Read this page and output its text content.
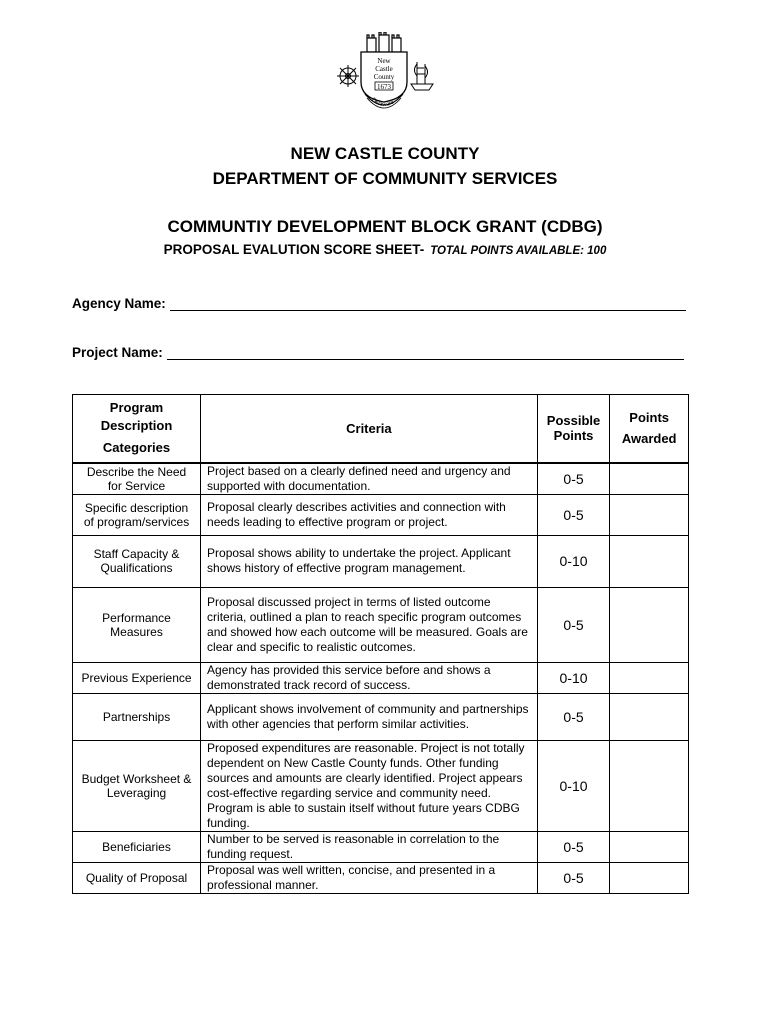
New
Castle
County
1673
Delaware
NEW CASTLE COUNTY
DEPARTMENT OF COMMUNITY SERVICES
COMMUNTIY DEVELOPMENT BLOCK GRANT (CDBG)
PROPOSAL EVALUTION SCORE SHEET- TOTAL POINTS AVAILABLE: 100
Agency Name:
Project Name:
Program Description
Categories	Criteria	Possible Points	Points Awarded
Describe the Need for Service	Project based on a clearly defined need and urgency and supported with documentation.	0-5	
Specific description of program/services	Proposal clearly describes activities and connection with needs leading to effective program or project.	0-5	
Staff Capacity & Qualifications	Proposal shows ability to undertake the project. Applicant shows history of effective program management.	0-10	
Performance Measures	Proposal discussed project in terms of listed outcome criteria, outlined a plan to reach specific program outcomes and showed how each outcome will be measured. Goals are clear and specific to realistic outcomes.	0-5	
Previous Experience	Agency has provided this service before and shows a demonstrated track record of success.	0-10	
Partnerships	Applicant shows involvement of community and partnerships with other agencies that perform similar activities.	0-5	
Budget Worksheet & Leveraging	Proposed expenditures are reasonable. Project is not totally dependent on New Castle County funds. Other funding sources and amounts are clearly identified. Project appears cost-effective regarding service and community need. Program is able to sustain itself without future years CDBG funding.	0-10	
Beneficiaries	Number to be served is reasonable in correlation to the funding request.	0-5	
Quality of Proposal	Proposal was well written, concise, and presented in a professional manner.	0-5	
